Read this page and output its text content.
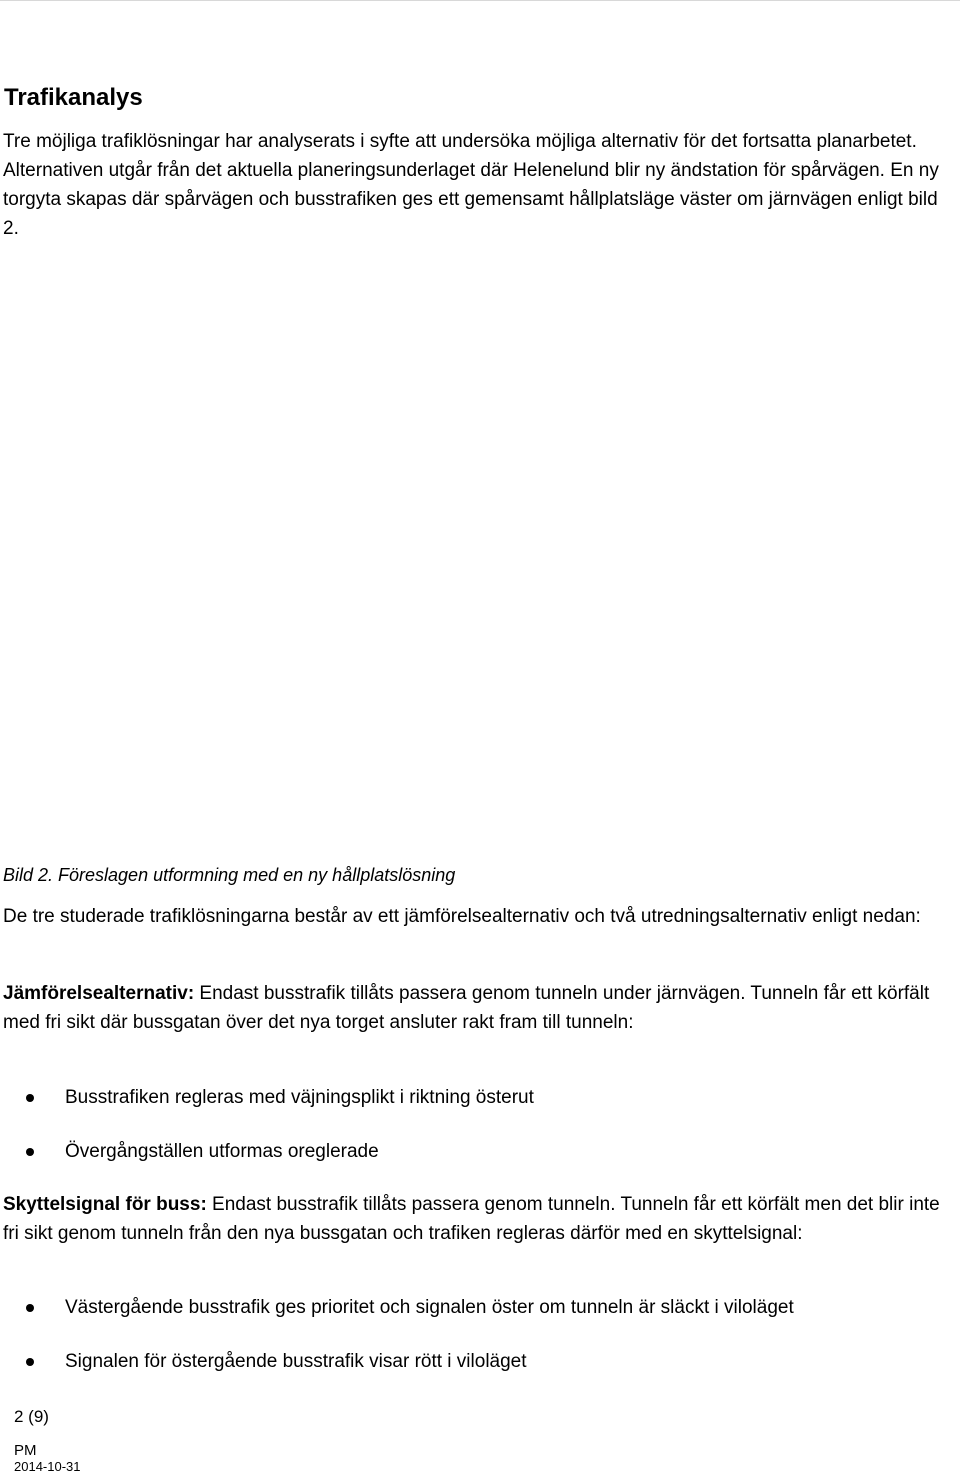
Trafikanalys

Tre möjliga trafiklösningar har analyserats i syfte att undersöka möjliga alternativ för det fortsatta planarbetet. Alternativen utgår från det aktuella planeringsunderlaget där Helenelund blir ny ändstation för spårvägen. En ny torgyta skapas där spårvägen och busstrafiken ges ett gemensamt hållplatsläge väster om järnvägen enligt bild 2.

Bild 2. Föreslagen utformning med en ny hållplatslösning

De tre studerade trafiklösningarna består av ett jämförelsealternativ och två utredningsalternativ enligt nedan:

Jämförelsealternativ: Endast busstrafik tillåts passera genom tunneln under järnvägen. Tunneln får ett körfält med fri sikt där bussgatan över det nya torget ansluter rakt fram till tunneln:

Busstrafiken regleras med väjningsplikt i riktning österut
Övergångställen utformas oreglerade

Skyttelsignal för buss: Endast busstrafik tillåts passera genom tunneln. Tunneln får ett körfält men det blir inte fri sikt genom tunneln från den nya bussgatan och trafiken regleras därför med en skyttelsignal:

Västergående busstrafik ges prioritet och signalen öster om tunneln är släckt i viloläget
Signalen för östergående busstrafik visar rött i viloläget
2 (9)
PM
2014-10-31
